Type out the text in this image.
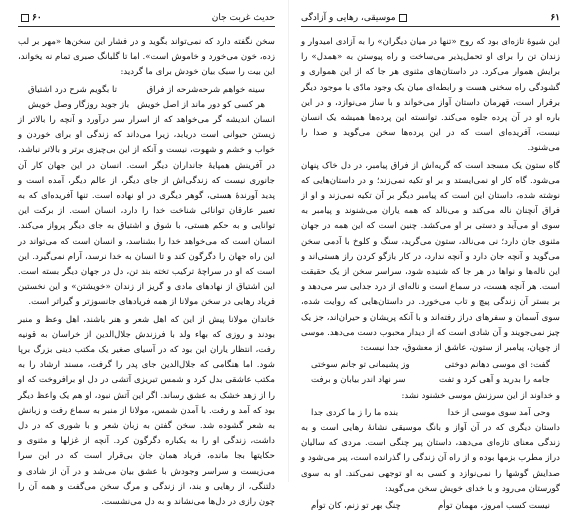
حدیث غربت جان
۶۰

سخن نگفته دارد که نمی‌تواند بگوید و در فشار این سخن‌ها «مهر بر لب زده، خون می‌خورد و خاموش است». اما تا گلبانگ صبری تمام نه یخواند، این بیت را سبک بیان خودش برای ما گردید:

سینه خواهم شرحه‌شرحه از فراق
تا بگویم شرح درد اشتیاق
هر کسی کو دور ماند از اصل خویش
باز جوید روزگار وصل خویش

انسان اندیشه گر می‌خواهد که از اسرار سر درآورد و آنچه را بالاتر از زیستن حیوانی است دریابد، زیرا می‌داند که زندگی او برای خوردن و خواب و خشم و شهوت، نیست و آنکه از این بی‌چیزی برتر و بالاتر نباشد، در آفرینش همپایهٔ جانداران دیگر است. انسان در این جهان کار آن جانوری نیست که زندگی‌اش از جای دیگر، از عالم دیگر، آمده است و پدید آورندهٔ هستی، گوهر دیگری در او نهاده است. تنها آفریده‌ای که به تعبیر عارفان توانائی شناخت خدا را دارد، انسان است. از برکت این توانایی و به حکم هستی، با شوق و اشتیاق به جای دیگر پرواز می‌کند. انسان است که می‌خواهد خدا را بشناسد، و انسان است که می‌تواند در این راه جهان را دگرگون کند و تا انسان به خدا نرسد، آرام نمی‌گیرد. این است که او در سراچهٔ ترکیب تخته بند تن، دل در جهان دیگر بسته است. این اشتیاق از نهادهای مادی و گریز از زندان «خویشتن» و این نخستین فریاد رهایی در سخن مولانا از همه فریادهای جانسوزتر و گیراتر است.

خاندان مولانا پیش از این که اهل شعر و هنر باشند، اهل وعظ و منبر بودند و روزی که بهاء ولد با فرزندش جلال‌الدین از خراسان به قونیه رفت، انتظار یاران این بود که در آسیای صغیر یک مکتب دینی بزرگ برپا شود. اما هنگامی که جلال‌الدین جای پدر را گرفت، مسند ارشاد را به مکتب عاشقی بدل کرد و شمس تبریزی آتشی در دل او برافروخت که او را از زهد خشک به عشق رساند. اگر این آتش نبود، او هم یک واعظ دیگر بود که آمد و رفت. با آمدن شمس، مولانا از منبر به سماع رفت و زبانش به شعر گشوده شد. سخن گفتن به زبان شعر و با شوری که در دل داشت، زندگی او را به یکباره دگرگون کرد. آنچه از غزلها و مثنوی و حکایتها بجا مانده، فریاد همان جان بی‌قرار است که در این سرا می‌زیست و سراسر وجودش با عشق بیان می‌شد و در آن از شادی و دلتنگی، از رهایی و بند، از زندگی و مرگ سخن می‌گفت و همه آن را چون رازی در دل‌ها می‌نشاند و به دل می‌نشست.

۶۱
موسیقی، رهایی و آزادگی

این شیوهٔ تازه‌ای بود که روح «تنها در میان دیگران» را به آزادی امیدوار و زندان تن را برای او تحمل‌پذیر می‌ساخت و راه پیوستن به «همدل» را برایش هموار می‌کرد. در داستان‌های مثنوی هر جا که از این همواری و گشودگی راه سخنی هست و رابطه‌ای میان یک وجود مادّی با موجود دیگر برقرار است، قهرمان داستان آواز می‌خواند و با ساز می‌نوازد، و در این باره او در آن پرده جلوه می‌کند. توانسته این پرده‌ها همیشه یک انسان نیست، آفریده‌ای است که در این پرده‌ها سخن می‌گوید و صدا را می‌شنود.

گاه ستون یک مسجد است که گریه‌اش از فراق پیامبر، در دل خاک پنهان می‌شود. گاه کار او نمی‌ایستد و بر او تکیه نمی‌زند؛ و در داستان‌هایی که نوشته شده، داستان این است که پیامبر دیگر بر آن تکیه نمی‌زند و او از فراق آنچنان ناله می‌کند و می‌نالد که همه یاران می‌شنوند و پیامبر به سوی او می‌آید و دستی بر او می‌کشد. چنین است که این همه در جهان مثنوی جان دارد؛ نی می‌نالد، ستون می‌گرید، سنگ و کلوخ با آدمی سخن می‌گوید و آنچه جان دارد و آنچه ندارد، در کار بازگو کردن راز هستی‌اند و این ناله‌ها و نواها در هر جا که شنیده شود، سراسر سخن از یک حقیقت است. هر آنچه هست، در سماع است و ناله‌ای از درد جدایی سر می‌دهد و بر بستر آن زندگی پیچ و تاب می‌خورد. در داستان‌هایی که روایت شده، سوی آسمان و سفرهای دراز رفته‌اند و با آنکه پریشان و حیران‌اند، جز یک چیز نمی‌جویند و آن شادی است که از دیدار محبوب دست می‌دهد. موسی از چوپان، پیامبر از ستون، عاشق از معشوق، جدا نیست:

گفت: ای موسی دهانم دوختی
وز پشیمانی تو جانم سوختی
جامه را بدرید و آهی کرد و تفت
سر نهاد اندر بیابان و برفت

و خداوند از این سرزنش موسی خشنود نشد:

وحی آمد سوی موسی از خدا
بنده ما را ز ما کردی جدا

داستان دیگری که در آن آواز و بانگ موسیقی نشانهٔ رهایی است و به زندگی معنای تازه‌ای می‌دهد، داستان پیر چنگی است. مردی که سالیان دراز مطرب بزمها بوده و از راه آن زندگی را گذرانده است، پیر می‌شود و صدایش گوشها را نمی‌نوازد و کسی به او توجهی نمی‌کند. او به سوی گورستان می‌رود و با خدای خویش سخن می‌گوید:

نیست کسب امروز، مهمان توأم
چنگ بهر تو زنم، کان توأم
